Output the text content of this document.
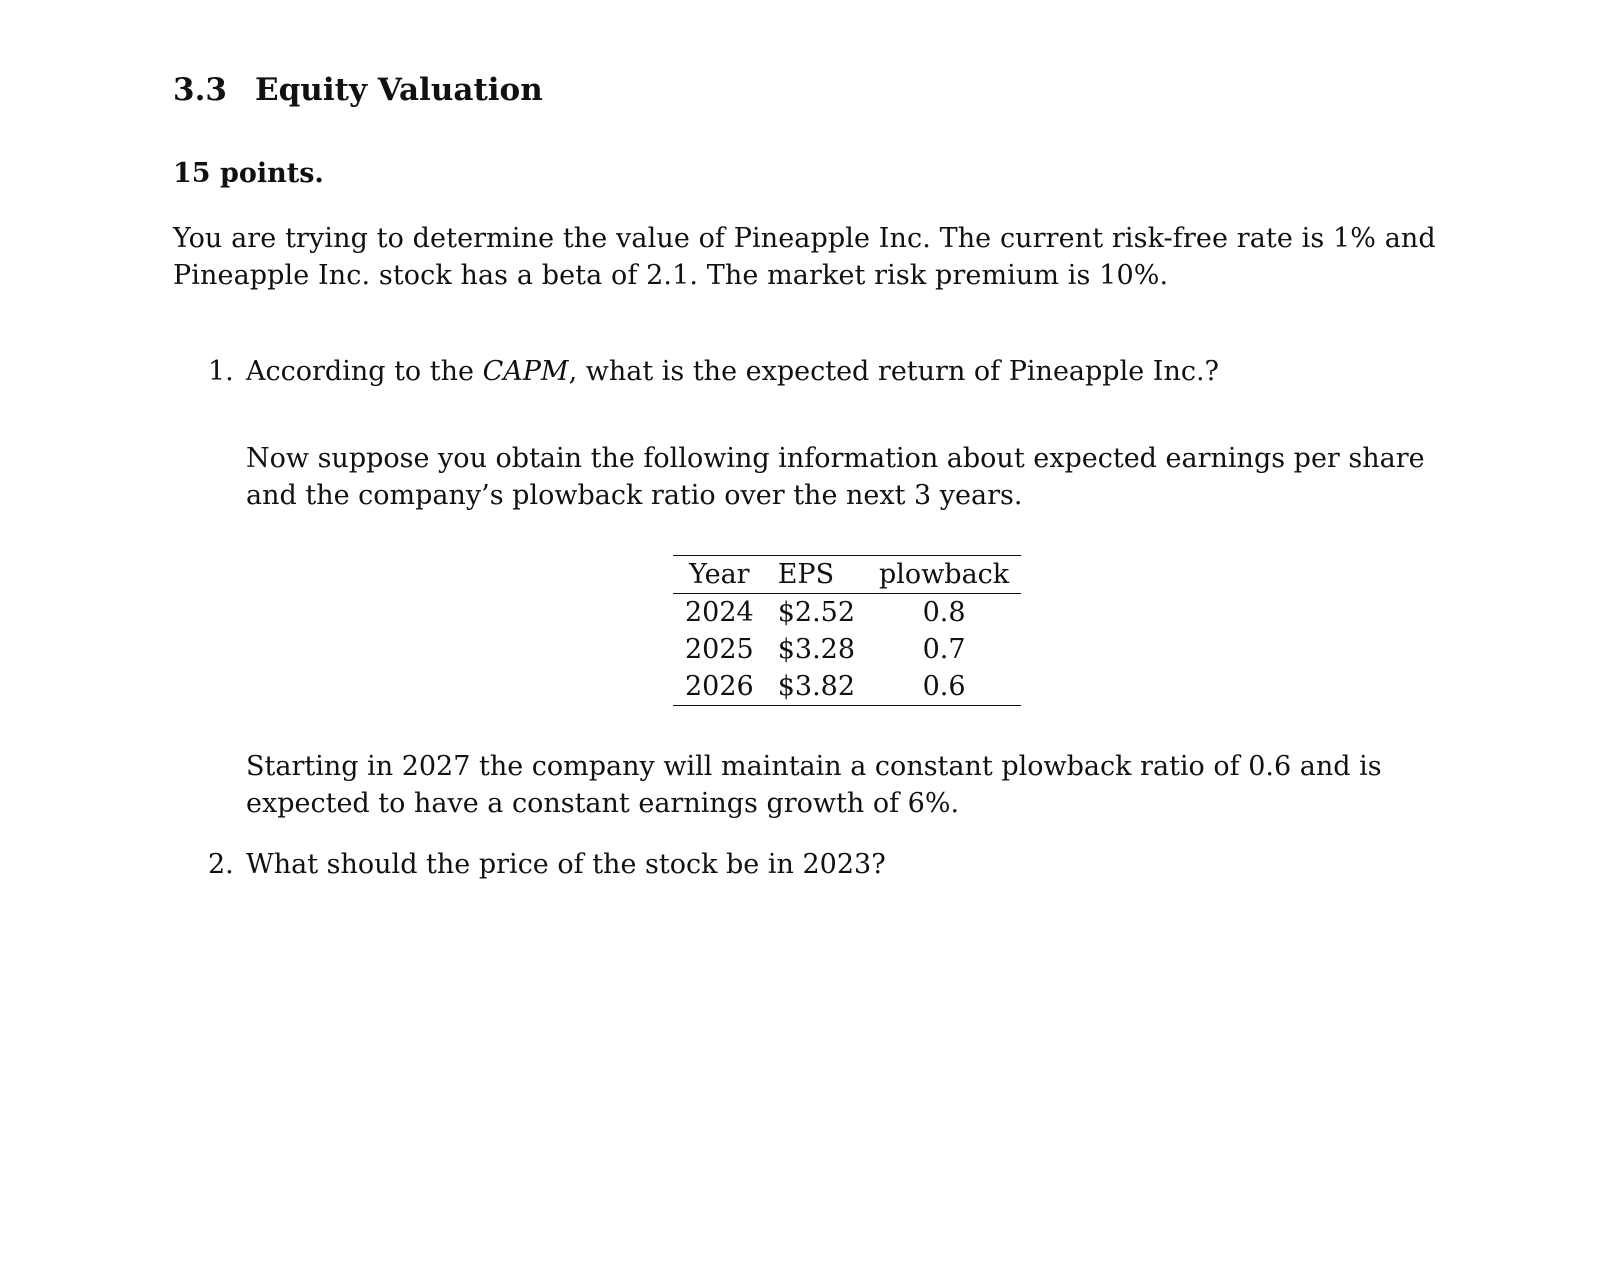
3.3 Equity Valuation
15 points.
You are trying to determine the value of Pineapple Inc. The current risk-free rate is 1% and
Pineapple Inc. stock has a beta of 2.1. The market risk premium is 10%.
1. According to the CAPM, what is the expected return of Pineapple Inc.?
Now suppose you obtain the following information about expected earnings per share and the company’s plowback ratio over the next 3 years.
Year	EPS	plowback
2024	$2.52	0.8
2025	$3.28	0.7
2026	$3.82	0.6
Starting in 2027 the company will maintain a constant plowback ratio of 0.6 and is expected to have a constant earnings growth of 6%.
2. What should the price of the stock be in 2023?
